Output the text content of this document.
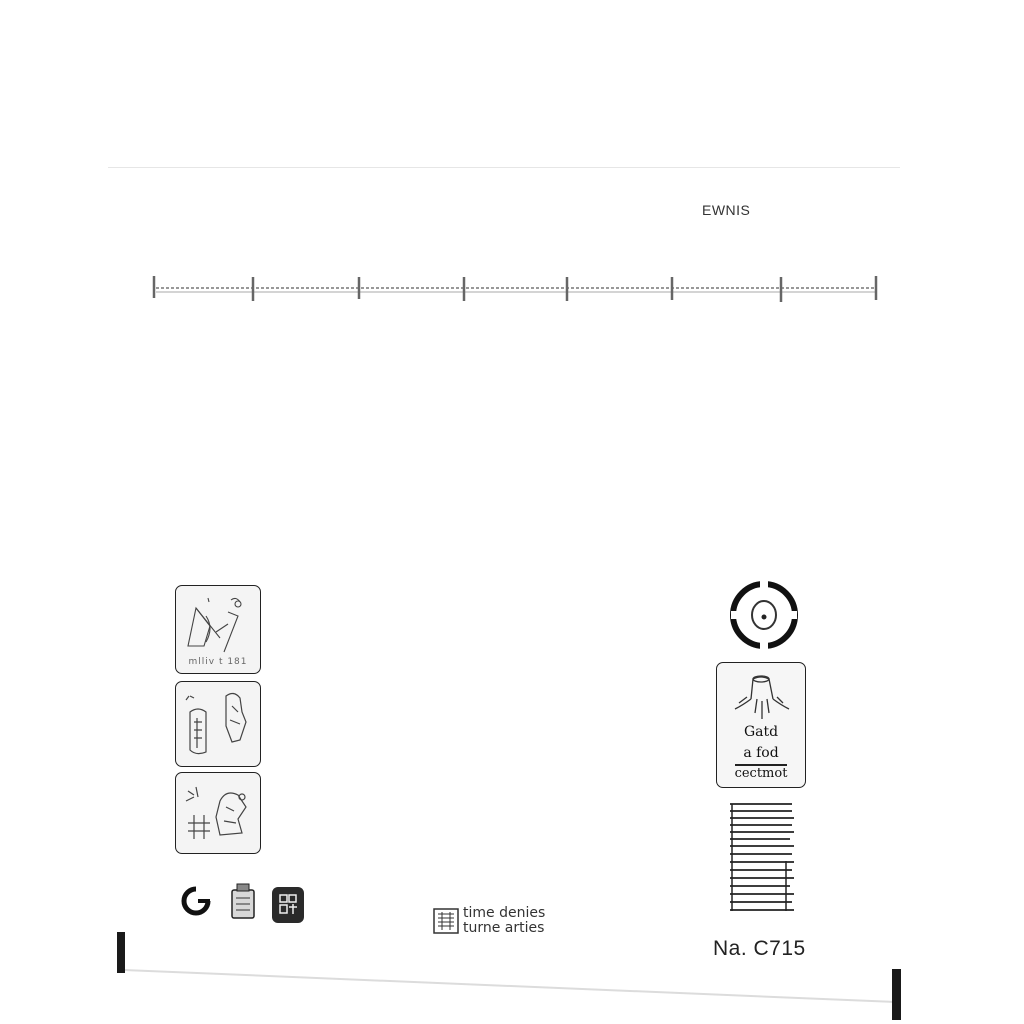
EWNIS
mlliv t 181
time denies
turne arties
Gatd
a fod
cectmot
Na. C715
